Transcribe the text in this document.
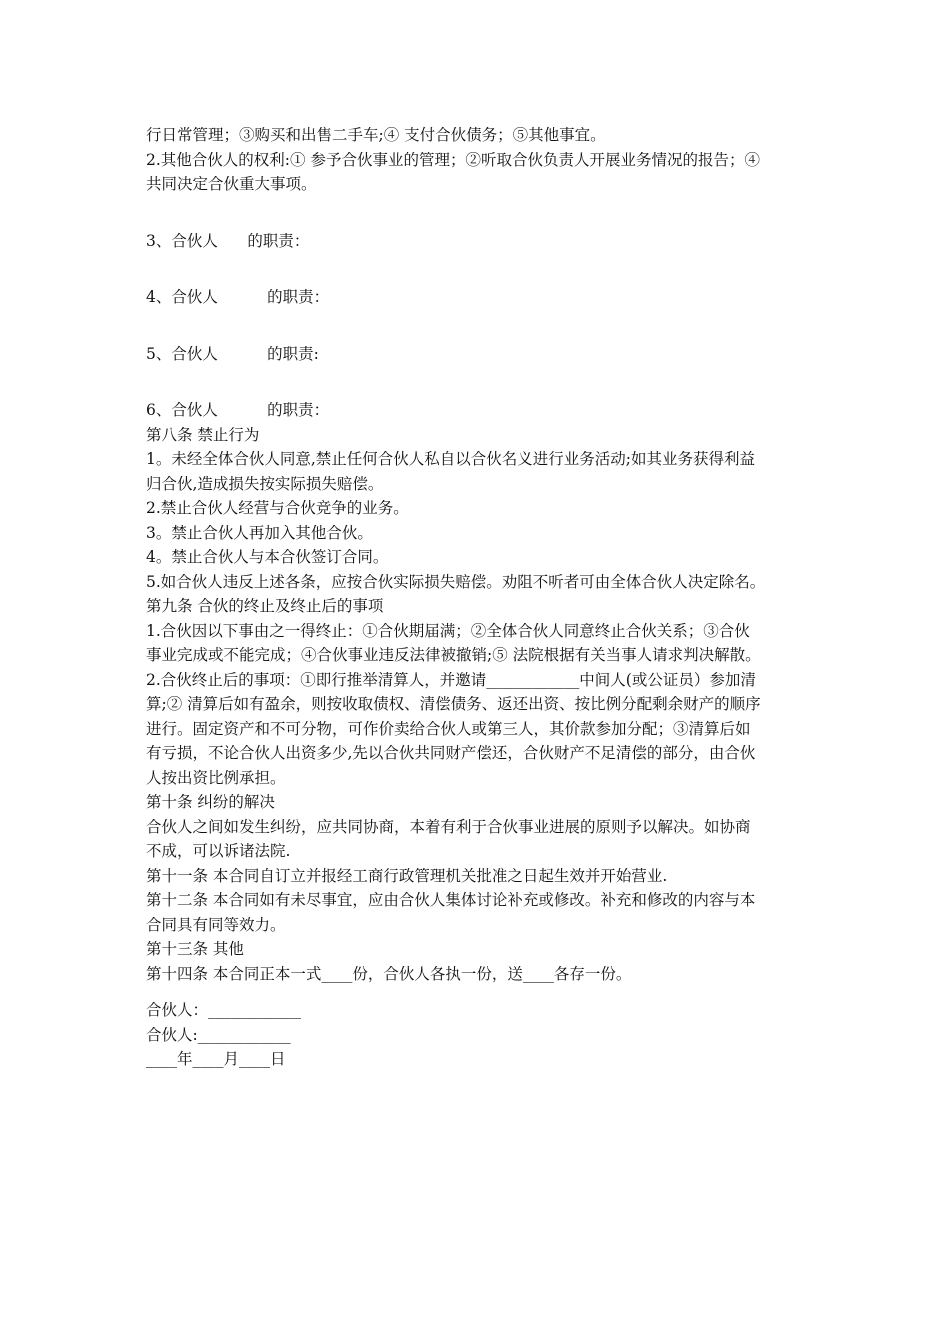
行日常管理；③购买和出售二手车;④ 支付合伙债务；⑤其他事宜。
2.其他合伙人的权利:① 参予合伙事业的管理；②听取合伙负责人开展业务情况的报告；④
共同决定合伙重大事项。
3、合伙人      的职责：
4、合伙人          的职责：
5、合伙人          的职责:
6、合伙人          的职责：
第八条 禁止行为
1。未经全体合伙人同意,禁止任何合伙人私自以合伙名义进行业务活动;如其业务获得利益
归合伙,造成损失按实际损失赔偿。
2.禁止合伙人经营与合伙竞争的业务。
3。禁止合伙人再加入其他合伙。
4。禁止合伙人与本合伙签订合同。
5.如合伙人违反上述各条，应按合伙实际损失赔偿。劝阻不听者可由全体合伙人决定除名。
第九条 合伙的终止及终止后的事项
1.合伙因以下事由之一得终止：①合伙期届满；②全体合伙人同意终止合伙关系；③合伙
事业完成或不能完成；④合伙事业违反法律被撤销;⑤ 法院根据有关当事人请求判决解散。
2.合伙终止后的事项：①即行推举清算人，并邀请____________中间人(或公证员）参加清
算;② 清算后如有盈余，则按收取债权、清偿债务、返还出资、按比例分配剩余财产的顺序
进行。固定资产和不可分物，可作价卖给合伙人或第三人，其价款参加分配；③清算后如
有亏损，不论合伙人出资多少,先以合伙共同财产偿还，合伙财产不足清偿的部分，由合伙
人按出资比例承担。
第十条 纠纷的解决
合伙人之间如发生纠纷，应共同协商，本着有利于合伙事业进展的原则予以解决。如协商
不成，可以诉诸法院.
第十一条 本合同自订立并报经工商行政管理机关批准之日起生效并开始营业.
第十二条 本合同如有未尽事宜，应由合伙人集体讨论补充或修改。补充和修改的内容与本
合同具有同等效力。
第十三条 其他
第十四条 本合同正本一式____份，合伙人各执一份，送____各存一份。
合伙人：____________
合伙人:____________
____年____月____日
